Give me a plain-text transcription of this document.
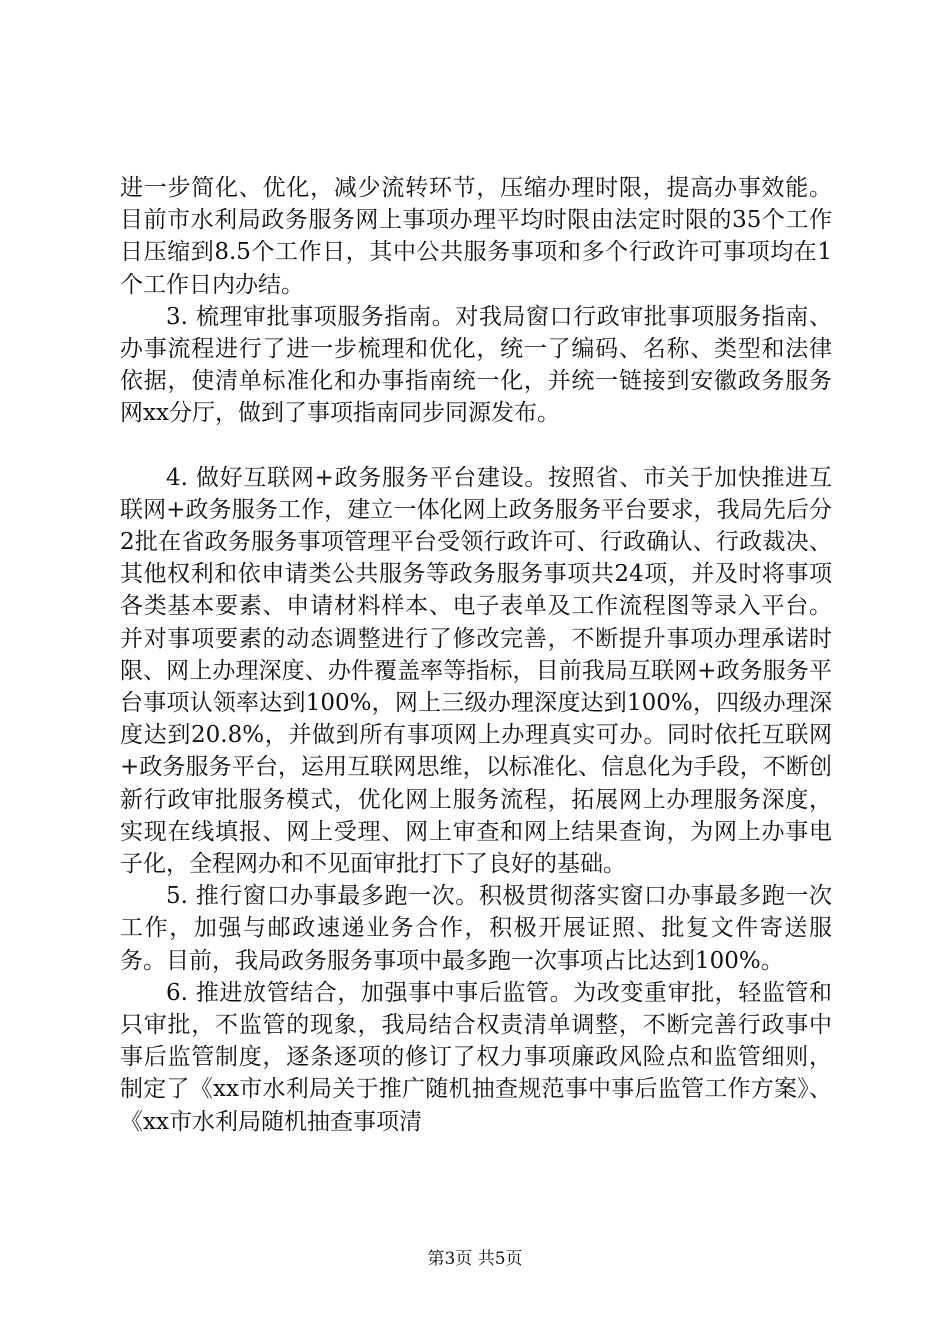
进一步简化、优化，减少流转环节，压缩办理时限，提高办事效能。目前市水利局政务服务网上事项办理平均时限由法定时限的35个工作日压缩到8.5个工作日，其中公共服务事项和多个行政许可事项均在1个工作日内办结。

3. 梳理审批事项服务指南。对我局窗口行政审批事项服务指南、办事流程进行了进一步梳理和优化，统一了编码、名称、类型和法律依据，使清单标准化和办事指南统一化，并统一链接到安徽政务服务网xx分厅，做到了事项指南同步同源发布。

4. 做好互联网+政务服务平台建设。按照省、市关于加快推进互联网+政务服务工作，建立一体化网上政务服务平台要求，我局先后分2批在省政务服务事项管理平台受领行政许可、行政确认、行政裁决、其他权利和依申请类公共服务等政务服务事项共24项，并及时将事项各类基本要素、申请材料样本、电子表单及工作流程图等录入平台。并对事项要素的动态调整进行了修改完善，不断提升事项办理承诺时限、网上办理深度、办件覆盖率等指标，目前我局互联网+政务服务平台事项认领率达到100%，网上三级办理深度达到100%，四级办理深度达到20.8%，并做到所有事项网上办理真实可办。同时依托互联网+政务服务平台，运用互联网思维，以标准化、信息化为手段，不断创新行政审批服务模式，优化网上服务流程，拓展网上办理服务深度，实现在线填报、网上受理、网上审查和网上结果查询，为网上办事电子化，全程网办和不见面审批打下了良好的基础。

5. 推行窗口办事最多跑一次。积极贯彻落实窗口办事最多跑一次工作，加强与邮政速递业务合作，积极开展证照、批复文件寄送服务。目前，我局政务服务事项中最多跑一次事项占比达到100%。

6. 推进放管结合，加强事中事后监管。为改变重审批，轻监管和只审批，不监管的现象，我局结合权责清单调整，不断完善行政事中事后监管制度，逐条逐项的修订了权力事项廉政风险点和监管细则，制定了《xx市水利局关于推广随机抽查规范事中事后监管工作方案》、《xx市水利局随机抽查事项清

第3页 共5页
